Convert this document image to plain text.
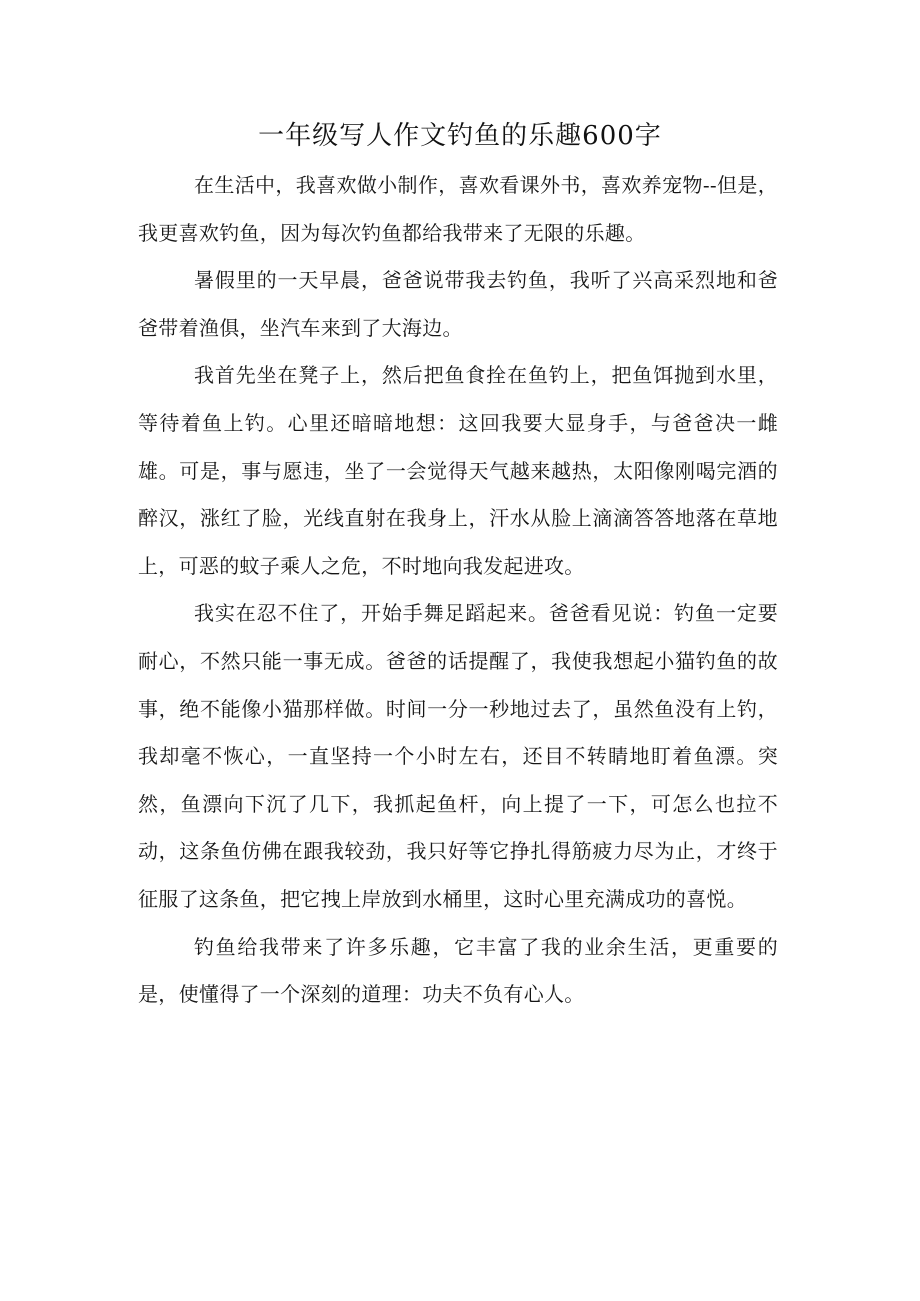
一年级写人作文钓鱼的乐趣600字

在生活中，我喜欢做小制作，喜欢看课外书，喜欢养宠物--但是，我更喜欢钓鱼，因为每次钓鱼都给我带来了无限的乐趣。

暑假里的一天早晨，爸爸说带我去钓鱼，我听了兴高采烈地和爸爸带着渔俱，坐汽车来到了大海边。

我首先坐在凳子上，然后把鱼食拴在鱼钓上，把鱼饵抛到水里，等待着鱼上钓。心里还暗暗地想：这回我要大显身手，与爸爸决一雌雄。可是，事与愿违，坐了一会觉得天气越来越热，太阳像刚喝完酒的醉汉，涨红了脸，光线直射在我身上，汗水从脸上滴滴答答地落在草地上，可恶的蚊子乘人之危，不时地向我发起进攻。

我实在忍不住了，开始手舞足蹈起来。爸爸看见说：钓鱼一定要耐心，不然只能一事无成。爸爸的话提醒了，我使我想起小猫钓鱼的故事，绝不能像小猫那样做。时间一分一秒地过去了，虽然鱼没有上钓，我却毫不恢心，一直坚持一个小时左右，还目不转睛地盯着鱼漂。突然，鱼漂向下沉了几下，我抓起鱼杆，向上提了一下，可怎么也拉不动，这条鱼仿佛在跟我较劲，我只好等它挣扎得筋疲力尽为止，才终于征服了这条鱼，把它拽上岸放到水桶里，这时心里充满成功的喜悦。

钓鱼给我带来了许多乐趣，它丰富了我的业余生活，更重要的是，使懂得了一个深刻的道理：功夫不负有心人。
